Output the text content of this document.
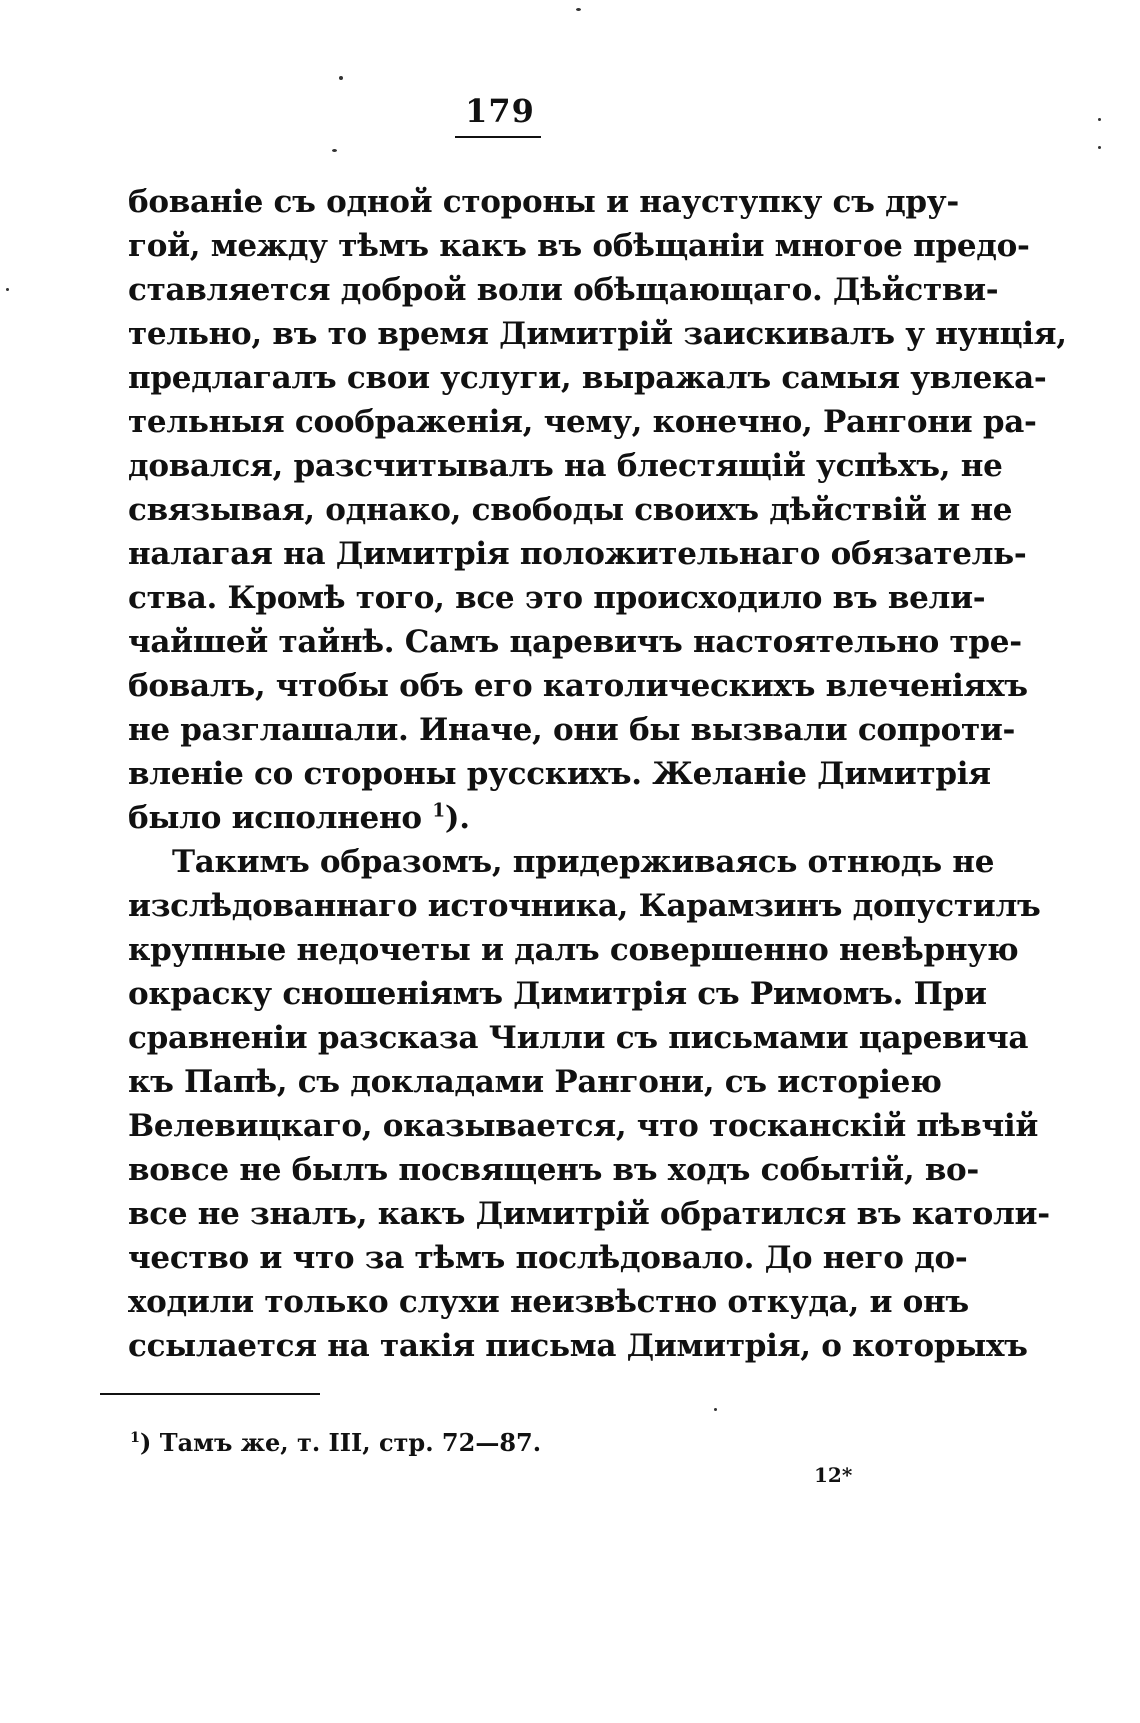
179
бованіе съ одной стороны и науступку съ дру-
гой, между тѣмъ какъ въ обѣщаніи многое предо-
ставляется доброй воли обѣщающаго. Дѣйстви-
тельно, въ то время Димитрій заискивалъ у нунція,
предлагалъ свои услуги, выражалъ самыя увлека-
тельныя соображенія, чему, конечно, Рангони ра-
довался, разсчитывалъ на блестящій успѣхъ, не
связывая, однако, свободы своихъ дѣйствій и не
налагая на Димитрія положительнаго обязатель-
ства. Кромѣ того, все это происходило въ вели-
чайшей тайнѣ. Самъ царевичъ настоятельно тре-
бовалъ, чтобы объ его католическихъ влеченіяхъ
не разглашали. Иначе, они бы вызвали сопроти-
вленіе со стороны русскихъ. Желаніе Димитрія
было исполнено $^1$).
Такимъ образомъ, придерживаясь отнюдь не
изслѣдованнаго источника, Карамзинъ допустилъ
крупные недочеты и далъ совершенно невѣрную
окраску сношеніямъ Димитрія съ Римомъ. При
сравненіи разсказа Чилли съ письмами царевича
къ Папѣ, съ докладами Рангони, съ исторіею
Велевицкаго, оказывается, что тосканскій пѣвчій
вовсе не былъ посвященъ въ ходъ событій, во-
все не зналъ, какъ Димитрій обратился въ католи-
чество и что за тѣмъ послѣдовало. До него до-
ходили только слухи неизвѣстно откуда, и онъ
ссылается на такія письма Димитрія, о которыхъ
$^1$) Тамъ же, т. III, стр. 72—87.
12*
